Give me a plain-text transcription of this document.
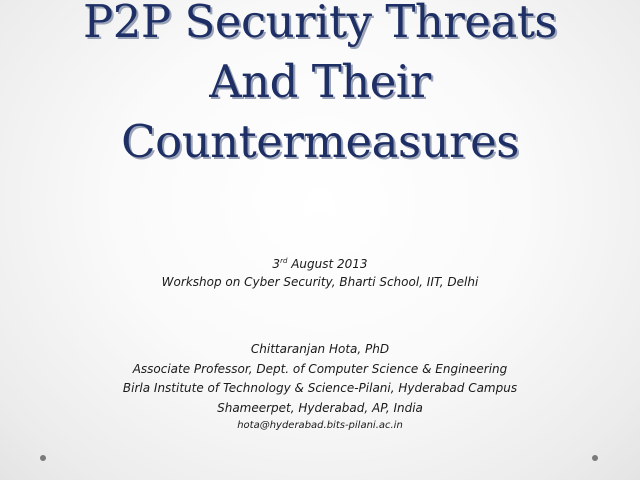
P2P Security Threats
And Their
Countermeasures
3rd August 2013
Workshop on Cyber Security, Bharti School, IIT, Delhi
Chittaranjan Hota, PhD
Associate Professor, Dept. of Computer Science & Engineering
Birla Institute of Technology & Science-Pilani, Hyderabad Campus
Shameerpet, Hyderabad, AP, India
hota@hyderabad.bits-pilani.ac.in
